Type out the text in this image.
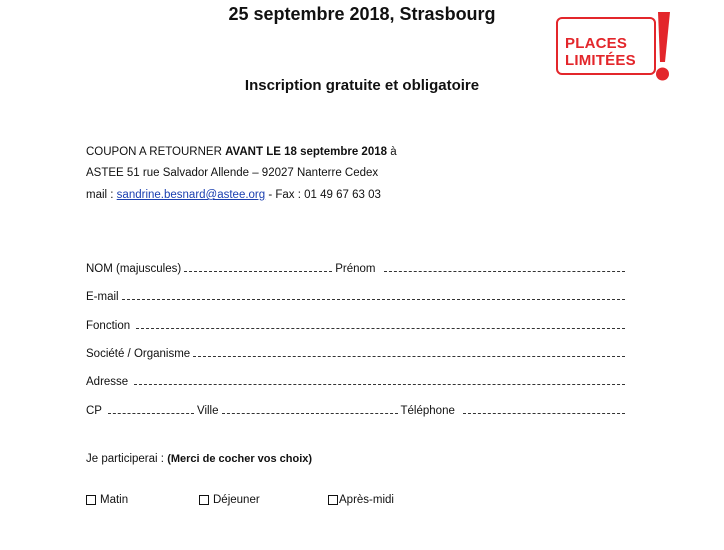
25 septembre 2018, Strasbourg
PLACES
LIMITÉES
Inscription gratuite et obligatoire
COUPON A RETOURNER AVANT LE 18 septembre 2018 à
ASTEE 51 rue Salvador Allende – 92027 Nanterre Cedex
mail : sandrine.besnard@astee.org - Fax : 01 49 67 63 03
NOM (majuscules)	Prénom
E-mail
Fonction
Société / Organisme
Adresse
CP	Ville	Téléphone
Je participerai : (Merci de cocher vos choix)
Matin	Déjeuner	Après-midi
